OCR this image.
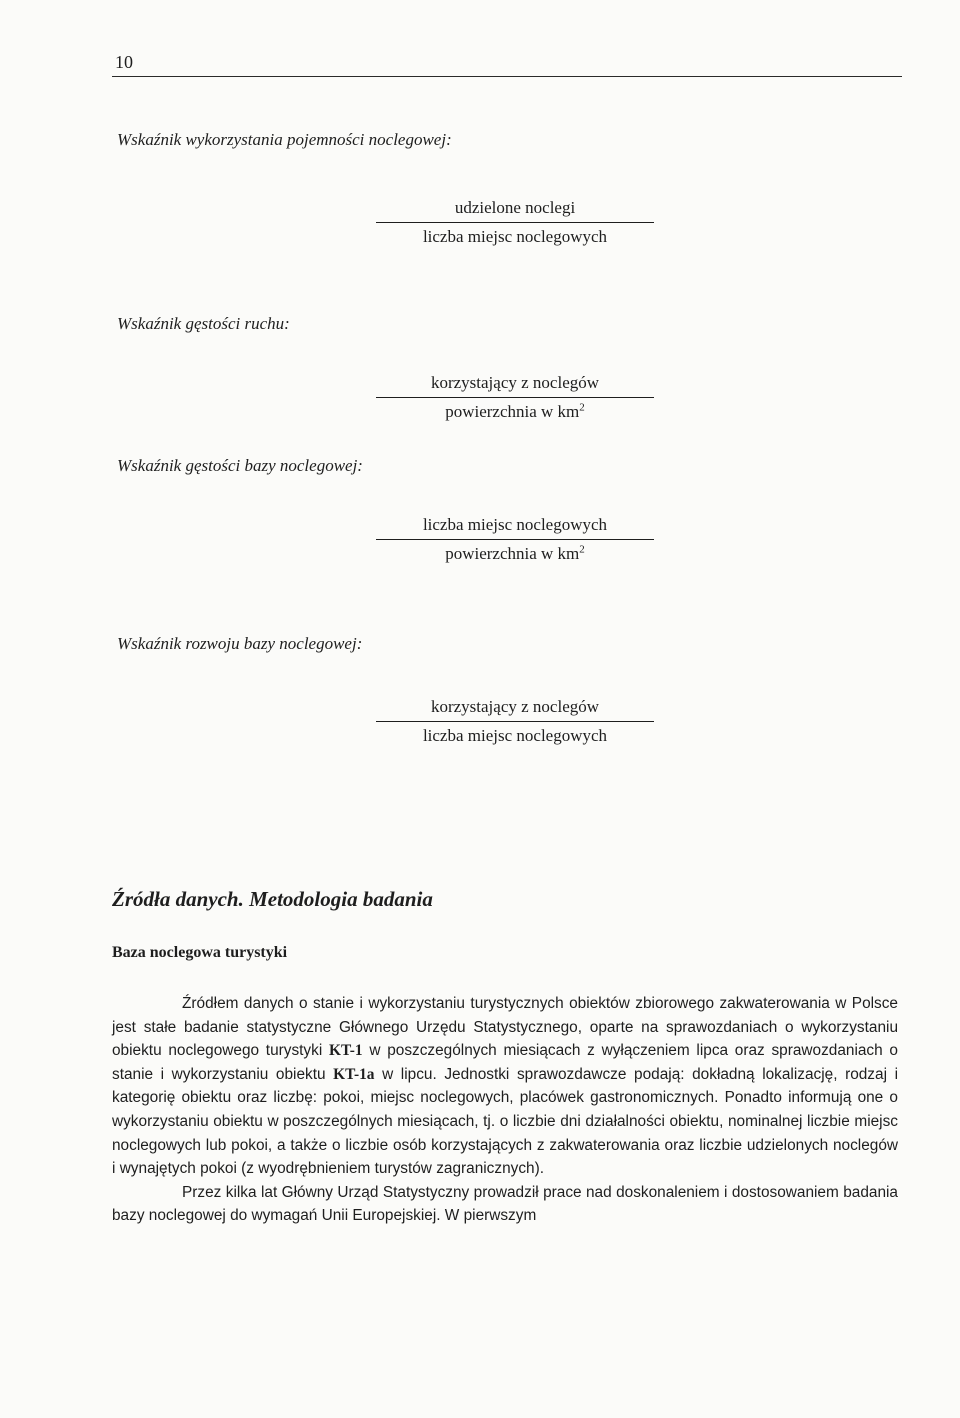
10
Wskaźnik wykorzystania pojemności noclegowej:
udzielone noclegi
liczba miejsc noclegowych
Wskaźnik gęstości ruchu:
korzystający z noclegów
powierzchnia w $km^2$
Wskaźnik gęstości bazy noclegowej:
liczba miejsc noclegowych
powierzchnia w $km^2$
Wskaźnik rozwoju bazy noclegowej:
korzystający z noclegów
liczba miejsc noclegowych
Źródła danych. Metodologia badania
Baza noclegowa turystyki

Źródłem danych o stanie i wykorzystaniu turystycznych obiektów zbiorowego zakwaterowania w Polsce jest stałe badanie statystyczne Głównego Urzędu Statystycznego, oparte na sprawozdaniach o wykorzystaniu obiektu noclegowego turystyki KT-1 w poszczególnych miesiącach z wyłączeniem lipca oraz sprawozdaniach o stanie i wykorzystaniu obiektu KT-1a w lipcu. Jednostki sprawozdawcze podają: dokładną lokalizację, rodzaj i kategorię obiektu oraz liczbę: pokoi, miejsc noclegowych, placówek gastronomicznych. Ponadto informują one o wykorzystaniu obiektu w poszczególnych miesiącach, tj. o liczbie dni działalności obiektu, nominalnej liczbie miejsc noclegowych lub pokoi, a także o liczbie osób korzystających z zakwaterowania oraz liczbie udzielonych noclegów i wynajętych pokoi (z wyodrębnieniem turystów zagranicznych).

Przez kilka lat Główny Urząd Statystyczny prowadził prace nad doskonaleniem i dostosowaniem badania bazy noclegowej do wymagań Unii Europejskiej. W pierwszym
